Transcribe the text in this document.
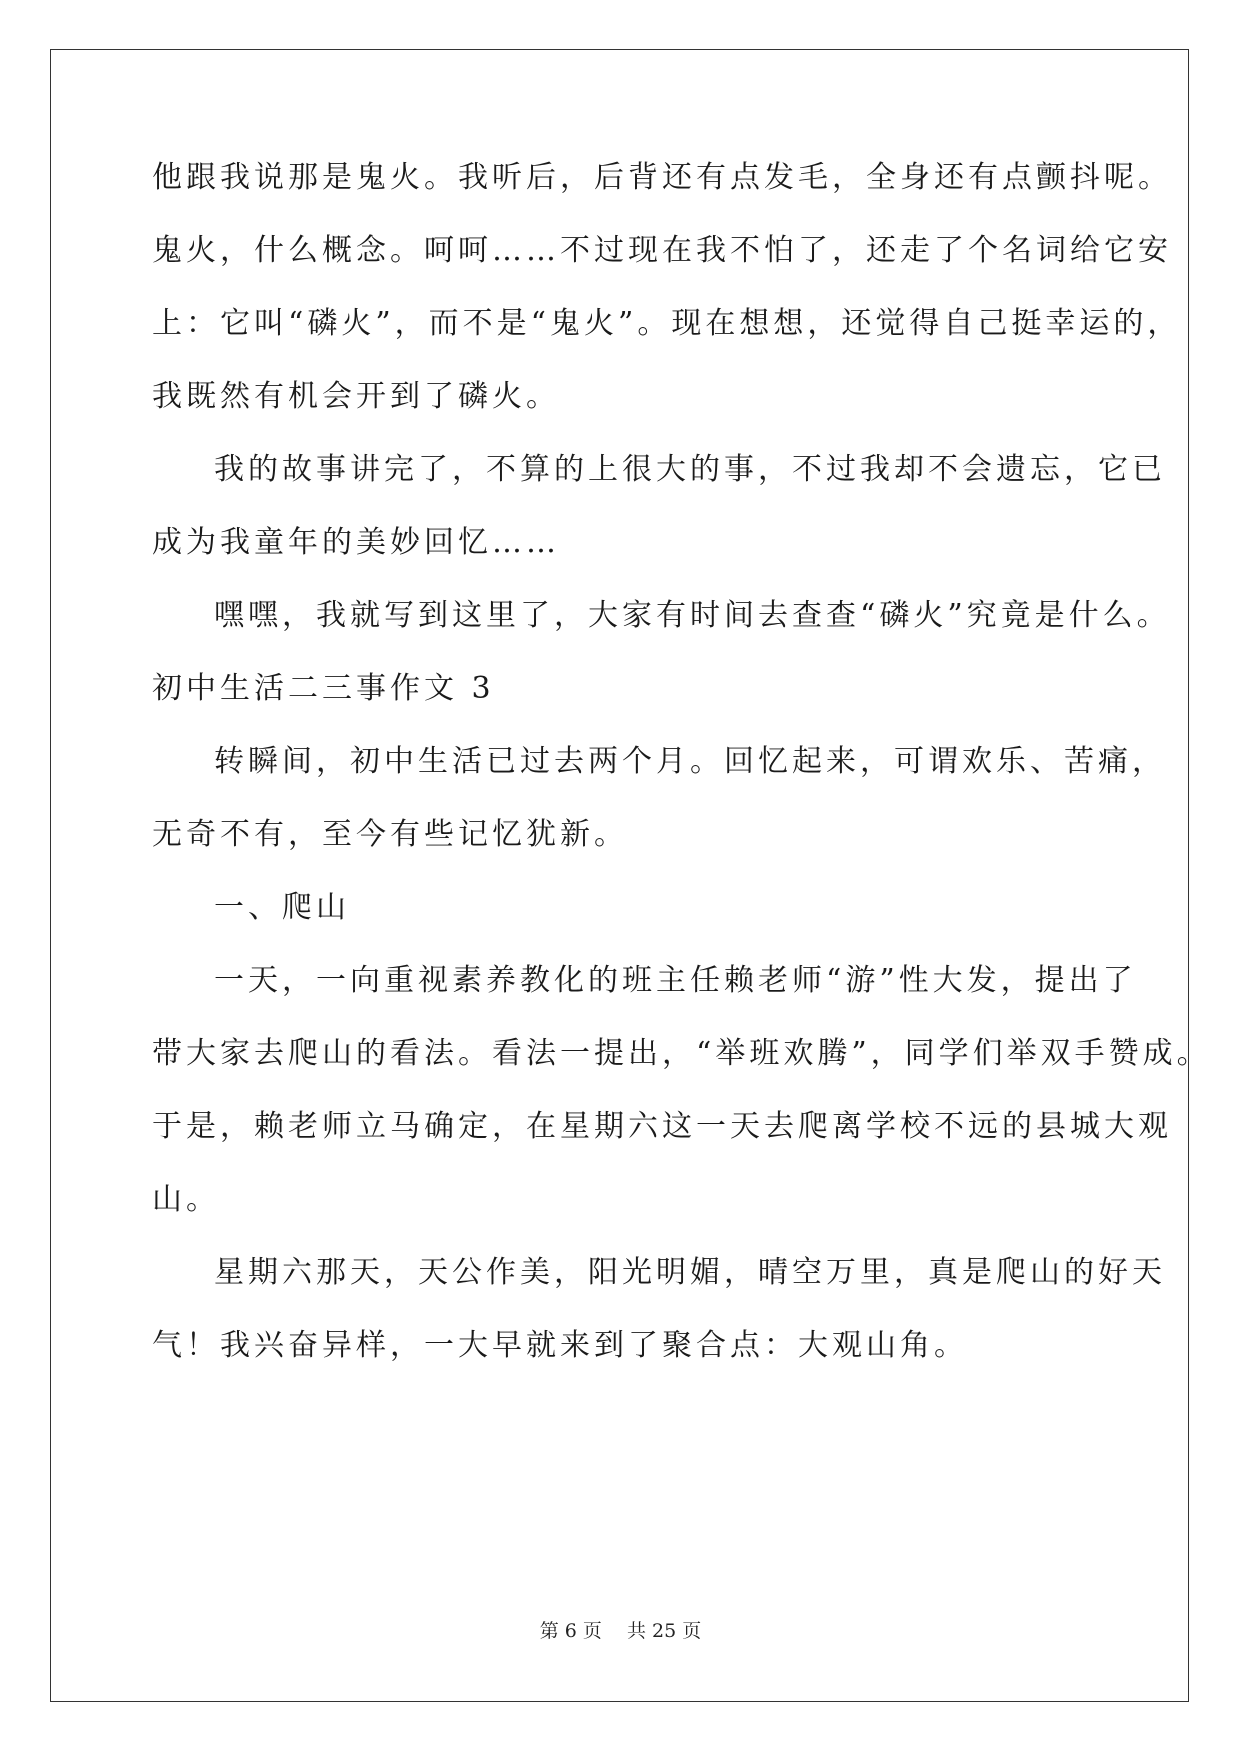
他跟我说那是鬼火。我听后，后背还有点发毛，全身还有点颤抖呢。
鬼火，什么概念。呵呵……不过现在我不怕了，还走了个名词给它安
上：它叫“磷火”，而不是“鬼火”。现在想想，还觉得自己挺幸运的，
我既然有机会开到了磷火。
我的故事讲完了，不算的上很大的事，不过我却不会遗忘，它已
成为我童年的美妙回忆……
嘿嘿，我就写到这里了，大家有时间去查查“磷火”究竟是什么。
初中生活二三事作文 3
转瞬间，初中生活已过去两个月。回忆起来，可谓欢乐、苦痛，
无奇不有，至今有些记忆犹新。
一、爬山
一天，一向重视素养教化的班主任赖老师“游”性大发，提出了
带大家去爬山的看法。看法一提出，“举班欢腾”，同学们举双手赞成。
于是，赖老师立马确定，在星期六这一天去爬离学校不远的县城大观
山。
星期六那天，天公作美，阳光明媚，晴空万里，真是爬山的好天
气！我兴奋异样，一大早就来到了聚合点：大观山角。
第 6 页　 共 25 页
